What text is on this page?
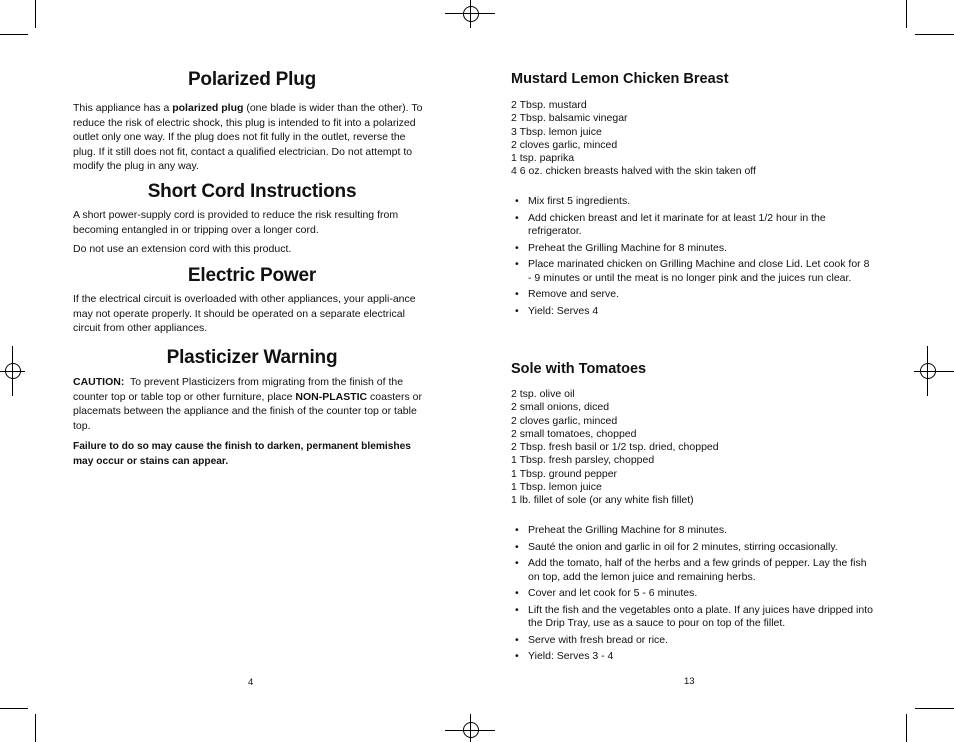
Polarized Plug

This appliance has a polarized plug (one blade is wider than the other). To reduce the risk of electric shock, this plug is intended to fit into a polarized outlet only one way. If the plug does not fit fully in the outlet, reverse the plug. If it still does not fit, contact a qualified electrician. Do not attempt to modify the plug in any way.

Short Cord Instructions

A short power-supply cord is provided to reduce the risk resulting from becoming entangled in or tripping over a longer cord.

Do not use an extension cord with this product.

Electric Power

If the electrical circuit is overloaded with other appliances, your appli-ance may not operate properly. It should be operated on a separate electrical circuit from other appliances.

Plasticizer Warning

CAUTION:  To prevent Plasticizers from migrating from the finish of the counter top or table top or other furniture, place NON-PLASTIC coasters or placemats between the appliance and the finish of the counter top or table top.

Failure to do so may cause the finish to darken, permanent blemishes may occur or stains can appear.

4
Mustard Lemon Chicken Breast
2 Tbsp. mustard
2 Tbsp. balsamic vinegar
3 Tbsp. lemon juice
2 cloves garlic, minced
1 tsp. paprika
4 6 oz. chicken breasts halved with the skin taken off
• Mix first 5 ingredients.
• Add chicken breast and let it marinate for at least 1/2 hour in the refrigerator.
• Preheat the Grilling Machine for 8 minutes.
• Place marinated chicken on Grilling Machine and close Lid. Let cook for 8 - 9 minutes or until the meat is no longer pink and the juices run clear.
• Remove and serve.
• Yield: Serves 4
Sole with Tomatoes
2 tsp. olive oil
2 small onions, diced
2 cloves garlic, minced
2 small tomatoes, chopped
2 Tbsp. fresh basil or 1/2 tsp. dried, chopped
1 Tbsp. fresh parsley, chopped
1 Tbsp. ground pepper
1 Tbsp. lemon juice
1 lb. fillet of sole (or any white fish fillet)
• Preheat the Grilling Machine for 8 minutes.
• Sauté the onion and garlic in oil for 2 minutes, stirring occasionally.
• Add the tomato, half of the herbs and a few grinds of pepper. Lay the fish on top, add the lemon juice and remaining herbs.
• Cover and let cook for 5 - 6 minutes.
• Lift the fish and the vegetables onto a plate. If any juices have dripped into the Drip Tray, use as a sauce to pour on top of the fillet.
• Serve with fresh bread or rice.
• Yield: Serves 3 - 4
13
